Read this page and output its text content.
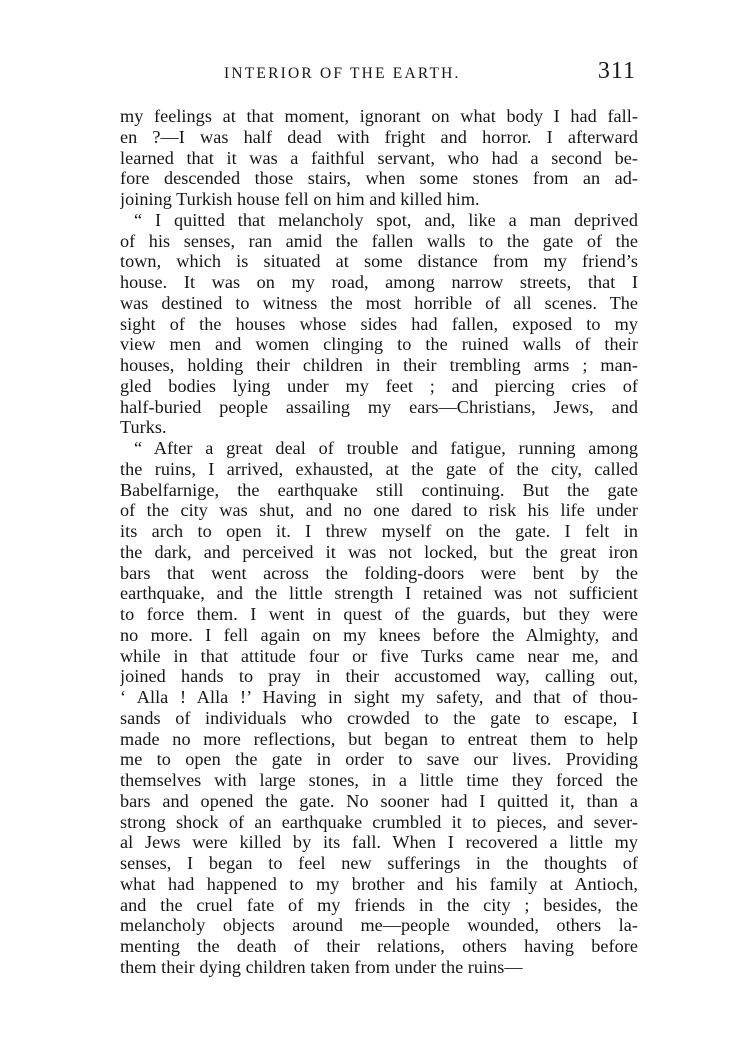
INTERIOR OF THE EARTH.	311
my feelings at that moment, ignorant on what body I had fall-
en ?—I was half dead with fright and horror. I afterward
learned that it was a faithful servant, who had a second be-
fore descended those stairs, when some stones from an ad-
joining Turkish house fell on him and killed him.
“ I quitted that melancholy spot, and, like a man deprived
of his senses, ran amid the fallen walls to the gate of the
town, which is situated at some distance from my friend’s
house. It was on my road, among narrow streets, that I
was destined to witness the most horrible of all scenes. The
sight of the houses whose sides had fallen, exposed to my
view men and women clinging to the ruined walls of their
houses, holding their children in their trembling arms ; man-
gled bodies lying under my feet ; and piercing cries of
half-buried people assailing my ears—Christians, Jews, and
Turks.
“ After a great deal of trouble and fatigue, running among
the ruins, I arrived, exhausted, at the gate of the city, called
Babelfarnige, the earthquake still continuing. But the gate
of the city was shut, and no one dared to risk his life under
its arch to open it. I threw myself on the gate. I felt in
the dark, and perceived it was not locked, but the great iron
bars that went across the folding-doors were bent by the
earthquake, and the little strength I retained was not sufficient
to force them. I went in quest of the guards, but they were
no more. I fell again on my knees before the Almighty, and
while in that attitude four or five Turks came near me, and
joined hands to pray in their accustomed way, calling out,
‘ Alla ! Alla !’ Having in sight my safety, and that of thou-
sands of individuals who crowded to the gate to escape, I
made no more reflections, but began to entreat them to help
me to open the gate in order to save our lives. Providing
themselves with large stones, in a little time they forced the
bars and opened the gate. No sooner had I quitted it, than a
strong shock of an earthquake crumbled it to pieces, and sever-
al Jews were killed by its fall. When I recovered a little my
senses, I began to feel new sufferings in the thoughts of
what had happened to my brother and his family at Antioch,
and the cruel fate of my friends in the city ; besides, the
melancholy objects around me—people wounded, others la-
menting the death of their relations, others having before
them their dying children taken from under the ruins—
